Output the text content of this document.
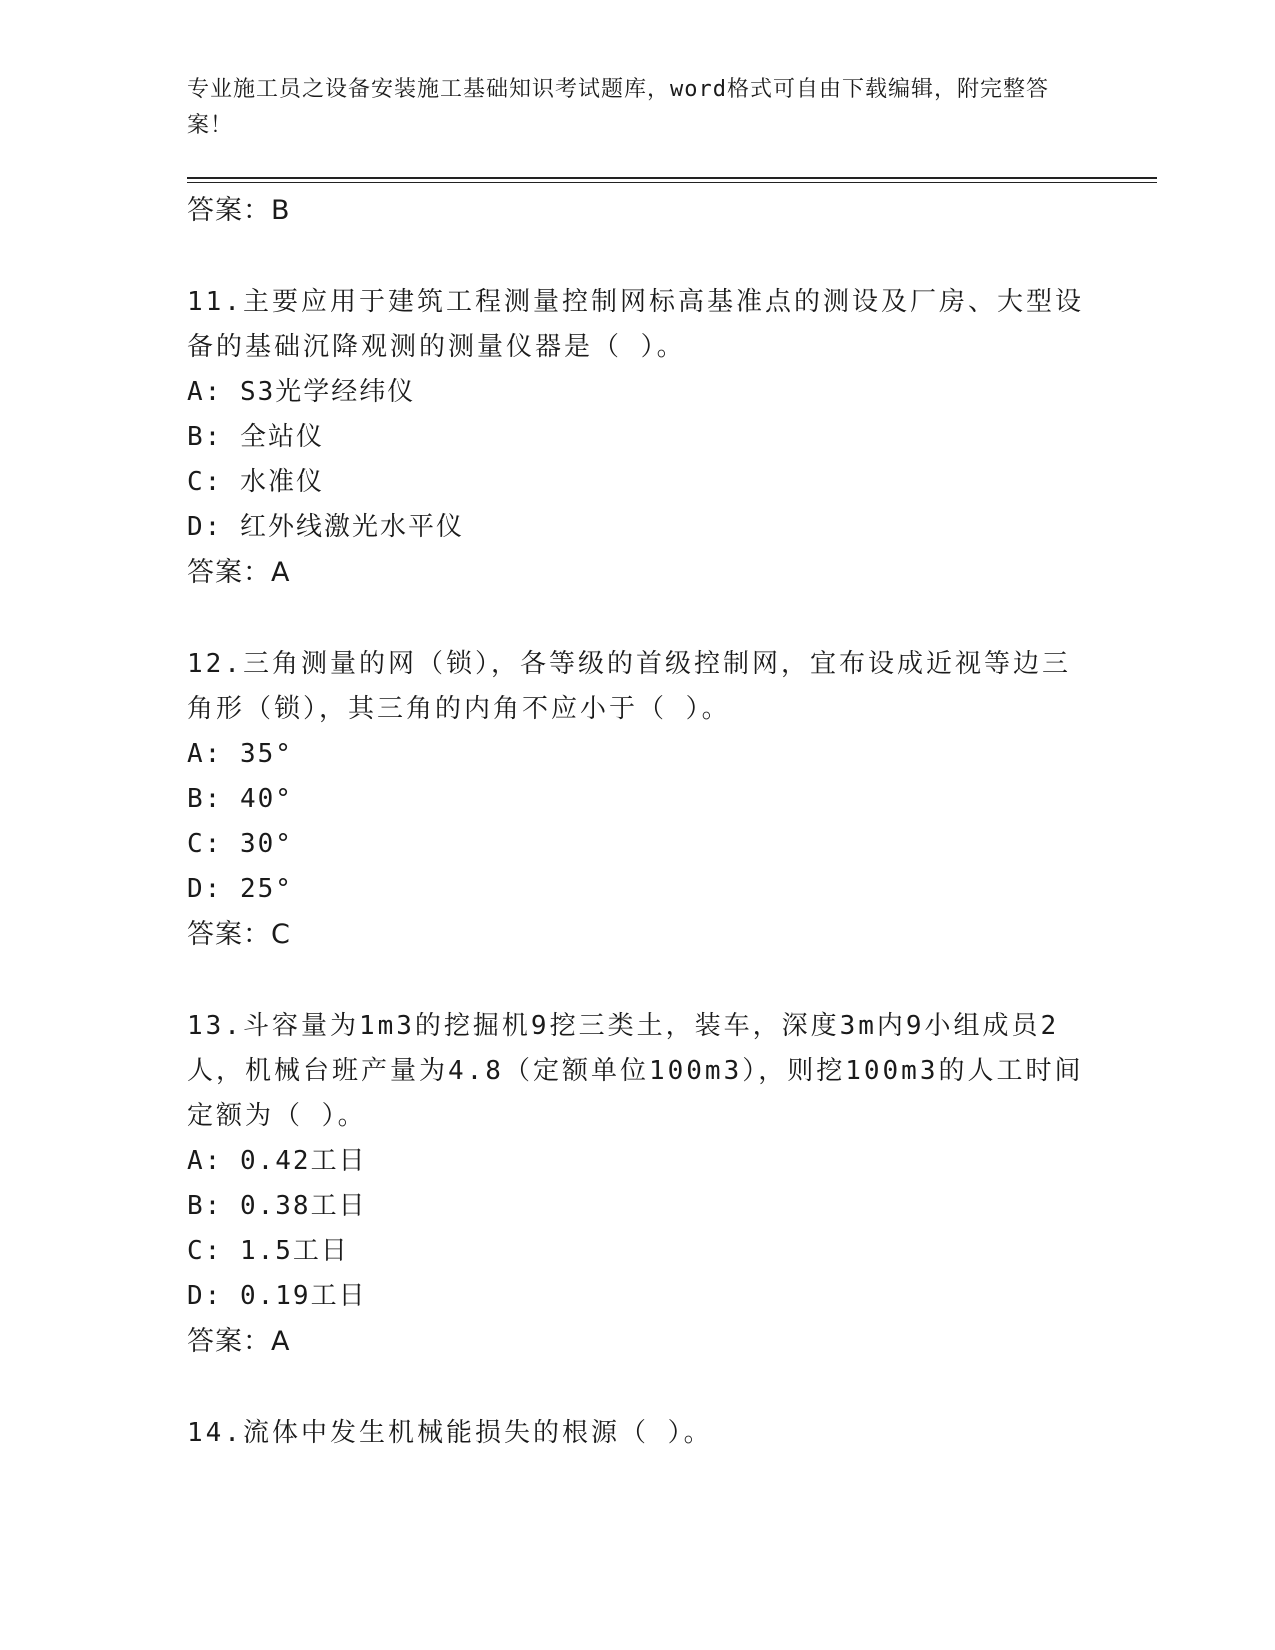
专业施工员之设备安装施工基础知识考试题库，word格式可自由下载编辑，附完整答案！
答案：B
11.主要应用于建筑工程测量控制网标高基准点的测设及厂房、大型设备的基础沉降观测的测量仪器是（ ）。
A: S3光学经纬仪
B: 全站仪
C: 水准仪
D: 红外线激光水平仪
答案：A
12.三角测量的网（锁），各等级的首级控制网，宜布设成近视等边三角形（锁），其三角的内角不应小于（ ）。
A: 35°
B: 40°
C: 30°
D: 25°
答案：C
13.斗容量为1m3的挖掘机9挖三类土，装车，深度3m内9小组成员2人，机械台班产量为4.8（定额单位100m3），则挖100m3的人工时间定额为（ ）。
A: 0.42工日
B: 0.38工日
C: 1.5工日
D: 0.19工日
答案：A
14.流体中发生机械能损失的根源（ ）。
